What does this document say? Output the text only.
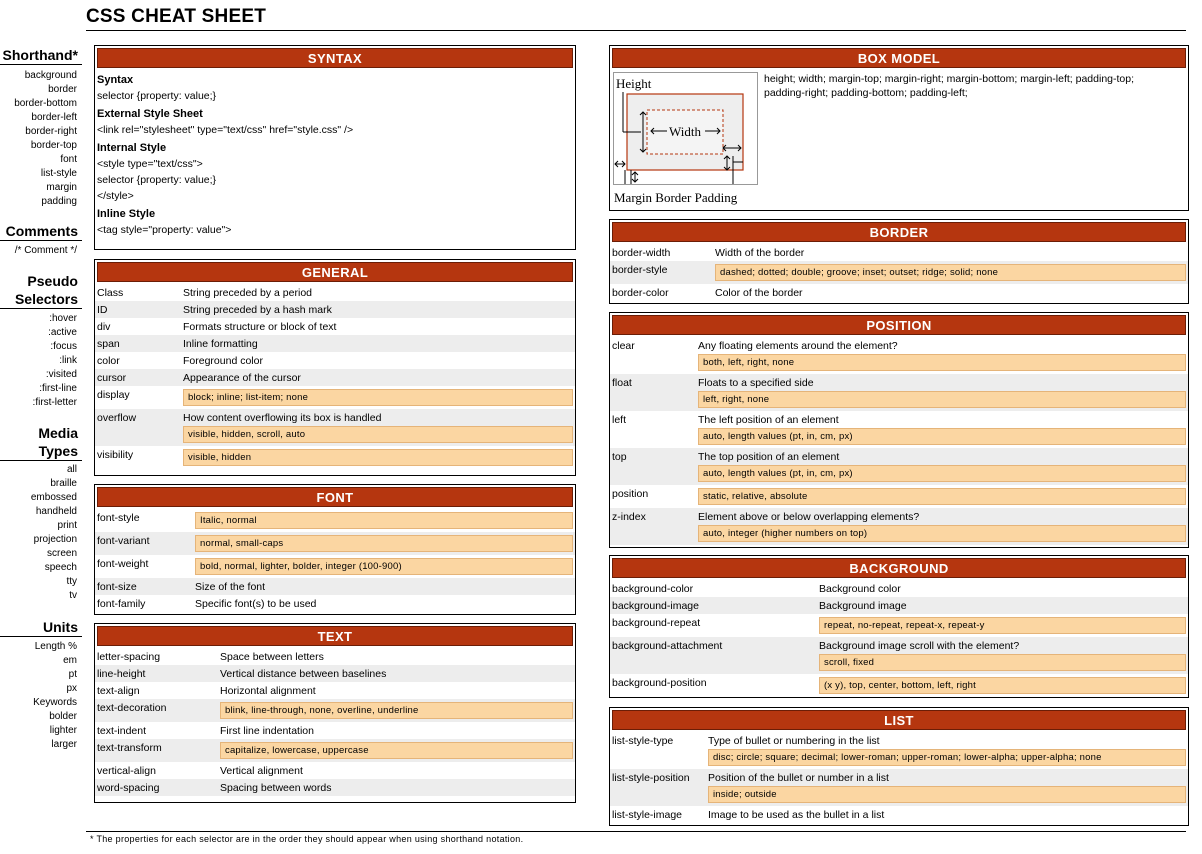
CSS CHEAT SHEET
Shorthand*
background
border
border-bottom
border-left
border-right
border-top
font
list-style
margin
padding
Comments
/* Comment */
Pseudo
Selectors
:hover
:active
:focus
:link
:visited
:first-line
:first-letter
Media
Types
all
braille
embossed
handheld
print
projection
screen
speech
tty
tv
Units
Length %
em
pt
px
Keywords
bolder
lighter
larger
SYNTAX
Syntax
selector {property: value;}
External Style Sheet
<link rel="stylesheet" type="text/css" href="style.css" />
Internal Style
<style type="text/css">
selector {property: value;}
</style>
Inline Style
<tag style="property: value">
GENERAL
Class	String preceded by a period
ID	String preceded by a hash mark
div	Formats structure or block of text
span	Inline formatting
color	Foreground color
cursor	Appearance of the cursor
display	block; inline; list-item; none
overflow	How content overflowing its box is handled
visible, hidden, scroll, auto
visibility	visible, hidden
FONT
font-style	Italic, normal
font-variant	normal, small-caps
font-weight	bold, normal, lighter, bolder, integer (100-900)
font-size	Size of the font
font-family	Specific font(s) to be used
TEXT
letter-spacing	Space between letters
line-height	Vertical distance between baselines
text-align	Horizontal alignment
text-decoration	blink, line-through, none, overline, underline
text-indent	First line indentation
text-transform	capitalize, lowercase, uppercase
vertical-align	Vertical alignment
word-spacing	Spacing between words
BOX MODEL
Height
Width
Margin Border Padding
height; width; margin-top; margin-right; margin-bottom; margin-left; padding-top; padding-right; padding-bottom; padding-left;
BORDER
border-width	Width of the border
border-style	dashed; dotted; double; groove; inset; outset; ridge; solid; none
border-color	Color of the border
POSITION
clear	Any floating elements around the element?
both, left, right, none
float	Floats to a specified side
left, right, none
left	The left position of an element
auto, length values (pt, in, cm, px)
top	The top position of an element
auto, length values (pt, in, cm, px)
position	static, relative, absolute
z-index	Element above or below overlapping elements?
auto, integer (higher numbers on top)
BACKGROUND
background-color	Background color
background-image	Background image
background-repeat	repeat, no-repeat, repeat-x, repeat-y
background-attachment	Background image scroll with the element?
scroll, fixed
background-position	(x y), top, center, bottom, left, right
LIST
list-style-type	Type of bullet or numbering in the list
disc; circle; square; decimal; lower-roman; upper-roman; lower-alpha; upper-alpha; none
list-style-position	Position of the bullet or number in a list
inside; outside
list-style-image	Image to be used as the bullet in a list
* The properties for each selector are in the order they should appear when using shorthand notation.
